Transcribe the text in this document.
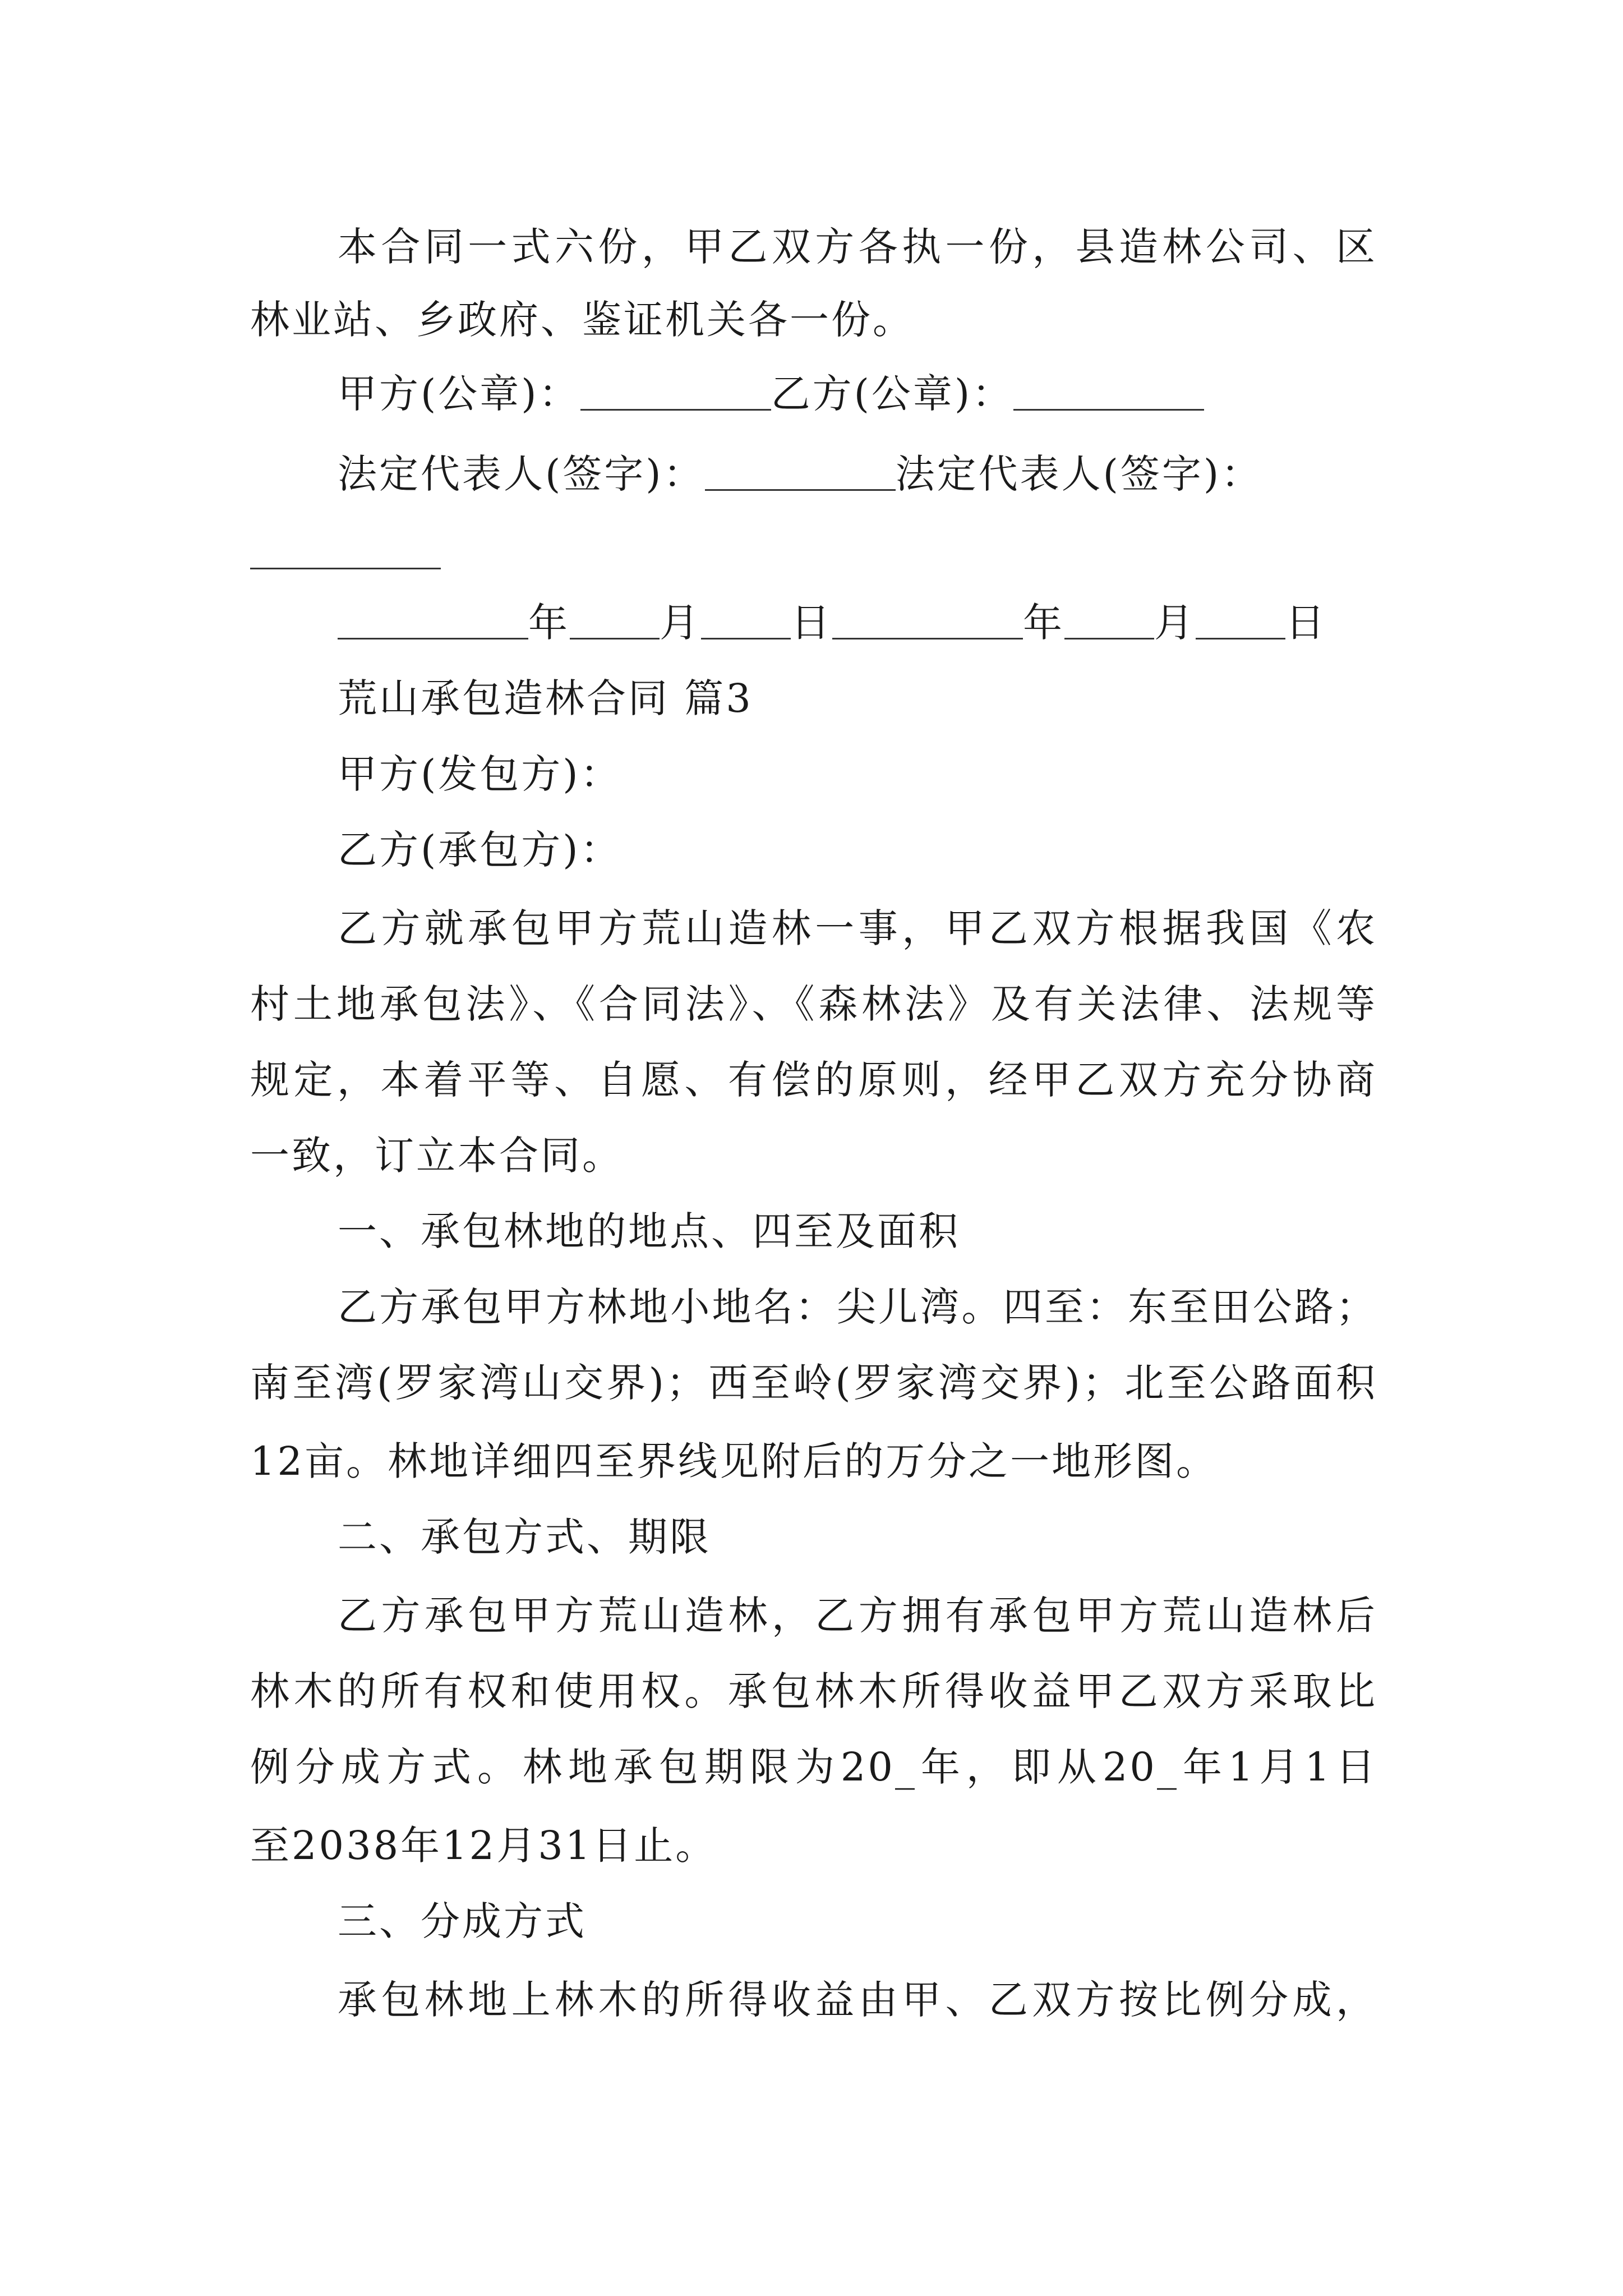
本合同一式六份，甲乙双方各执一份，县造林公司、区
林业站、乡政府、鉴证机关各一份。
甲方(公章)：	乙方(公章)：
法定代表人(签字)：	法定代表人(签字)：
年 月 日	年 月 日
荒山承包造林合同 篇3
甲方(发包方)：
乙方(承包方)：
乙方就承包甲方荒山造林一事，甲乙双方根据我国《农
村土地承包法》、《合同法》、《森林法》及有关法律、法规等
规定，本着平等、自愿、有偿的原则，经甲乙双方充分协商
一致，订立本合同。
一、承包林地的地点、四至及面积
乙方承包甲方林地小地名：尖儿湾。四至：东至田公路；
南至湾(罗家湾山交界)；西至岭(罗家湾交界)；北至公路面积
12亩。林地详细四至界线见附后的万分之一地形图。
二、承包方式、期限
乙方承包甲方荒山造林，乙方拥有承包甲方荒山造林后
林木的所有权和使用权。承包林木所得收益甲乙双方采取比
例分成方式。林地承包期限为20_年，即从20_年1月1日
至2038年12月31日止。
三、分成方式
承包林地上林木的所得收益由甲、乙双方按比例分成，
